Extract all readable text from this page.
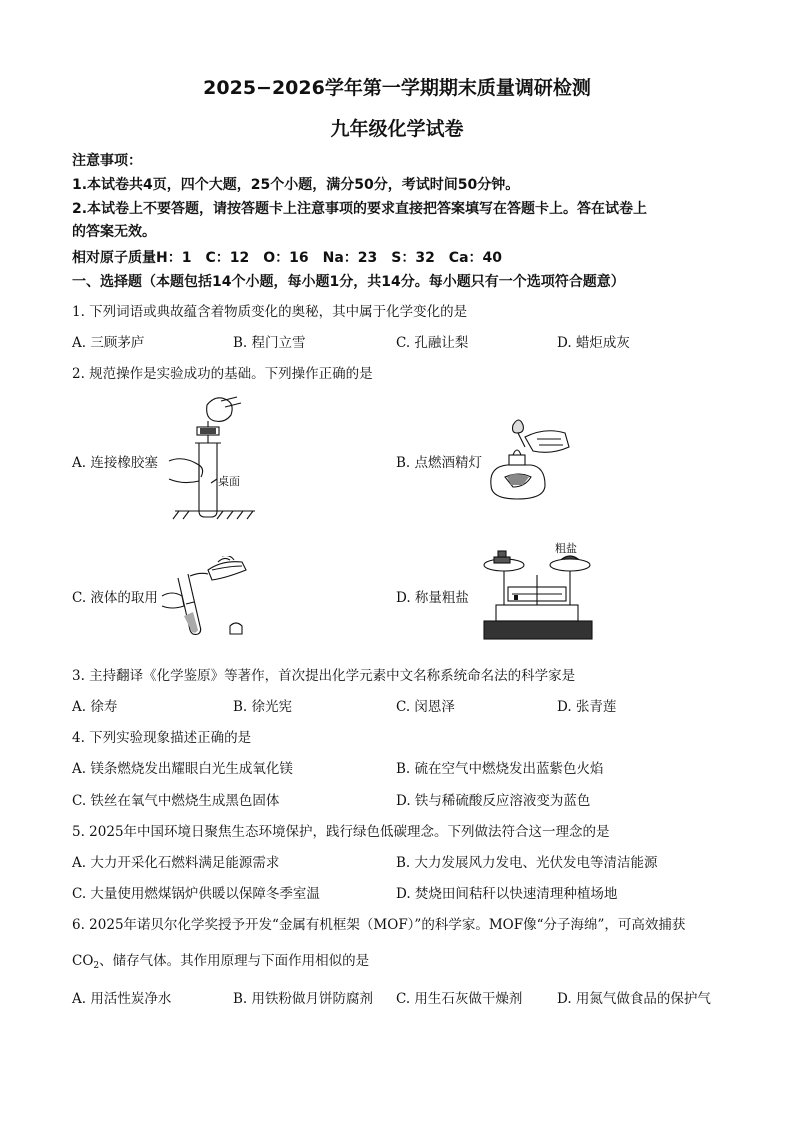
2025−2026学年第一学期期末质量调研检测
九年级化学试卷
注意事项：
1.本试卷共4页，四个大题，25个小题，满分50分，考试时间50分钟。
2.本试卷上不要答题，请按答题卡上注意事项的要求直接把答案填写在答题卡上。答在试卷上
的答案无效。
相对原子质量H：1　C：12　O：16　Na：23　S：32　Ca：40
一、选择题（本题包括14个小题，每小题1分，共14分。每小题只有一个选项符合题意）
1. 下列词语或典故蕴含着物质变化的奥秘，其中属于化学变化的是
A. 三顾茅庐	B. 程门立雪	C. 孔融让梨	D. 蜡炬成灰
2. 规范操作是实验成功的基础。下列操作正确的是
A. 连接橡胶塞	B. 点燃酒精灯
C. 液体的取用	D. 称量粗盐
桌面
粗盐
3. 主持翻译《化学鉴原》等著作，首次提出化学元素中文名称系统命名法的科学家是
A. 徐寿	B. 徐光宪	C. 闵恩泽	D. 张青莲
4. 下列实验现象描述正确的是
A. 镁条燃烧发出耀眼白光生成氧化镁	B. 硫在空气中燃烧发出蓝紫色火焰
C. 铁丝在氧气中燃烧生成黑色固体	D. 铁与稀硫酸反应溶液变为蓝色
5. 2025年中国环境日聚焦生态环境保护，践行绿色低碳理念。下列做法符合这一理念的是
A. 大力开采化石燃料满足能源需求	B. 大力发展风力发电、光伏发电等清洁能源
C. 大量使用燃煤锅炉供暖以保障冬季室温	D. 焚烧田间秸秆以快速清理种植场地
6. 2025年诺贝尔化学奖授予开发“金属有机框架（MOF）”的科学家。MOF像“分子海绵”，可高效捕获
$CO_2$、储存气体。其作用原理与下面作用相似的是
A. 用活性炭净水	B. 用铁粉做月饼防腐剂 C. 用生石灰做干燥剂	D. 用氮气做食品的保护气
